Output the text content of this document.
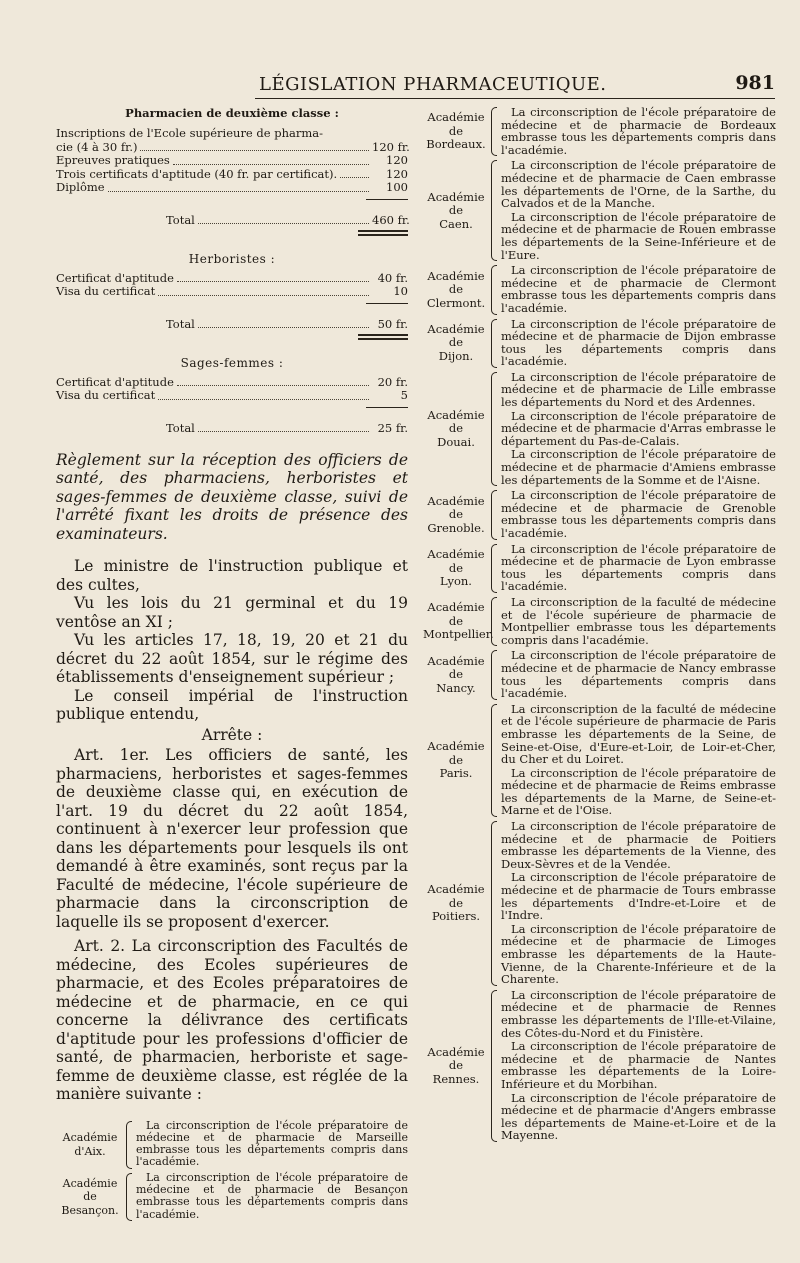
LÉGISLATION PHARMACEUTIQUE.	981
Pharmacien de deuxième classe :
Inscriptions de l'Ecole supérieure de pharma-
cie (4 à 30 fr.)	120 fr.
Epreuves pratiques	120
Trois certificats d'aptitude (40 fr. par certificat).	120
Diplôme	100
Total	460 fr.
Herboristes :
Certificat d'aptitude	40 fr.
Visa du certificat	10
Total	50 fr.
Sages-femmes :
Certificat d'aptitude	20 fr.
Visa du certificat	5
Total	25 fr.

Règlement sur la réception des officiers de santé, des pharmaciens, herboristes et sages-femmes de deuxième classe, suivi de l'arrêté fixant les droits de présence des examinateurs.

Le ministre de l'instruction publique et des cultes,

Vu les lois du 21 germinal et du 19 ventôse an XI ;

Vu les articles 17, 18, 19, 20 et 21 du décret du 22 août 1854, sur le régime des établissements d'enseignement supérieur ;

Le conseil impérial de l'instruction publique entendu,

Arrête :

Art. 1er. Les officiers de santé, les pharmaciens, herboristes et sages-femmes de deuxième classe qui, en exécution de l'art. 19 du décret du 22 août 1854, continuent à n'exercer leur profession que dans les départements pour lesquels ils ont demandé à être examinés, sont reçus par la Faculté de médecine, l'école supérieure de pharmacie dans la circonscription de laquelle ils se proposent d'exercer.

Art. 2. La circonscription des Facultés de médecine, des Ecoles supérieures de pharmacie, et des Ecoles préparatoires de médecine et de pharmacie, en ce qui concerne la délivrance des certificats d'aptitude pour les professions d'officier de santé, de pharmacien, herboriste et sage-femme de deuxième classe, est réglée de la manière suivante :

Académie
d'Aix.

La circonscription de l'école préparatoire de médecine et de pharmacie de Marseille embrasse tous les départements compris dans l'académie.

Académie
de
Besançon.

La circonscription de l'école préparatoire de médecine et de pharmacie de Besançon embrasse tous les départements compris dans l'académie.

Académie
de
Bordeaux.

La circonscription de l'école préparatoire de médecine et de pharmacie de Bordeaux embrasse tous les départements compris dans l'académie.

Académie
de
Caen.

La circonscription de l'école préparatoire de médecine et de pharmacie de Caen embrasse les départements de l'Orne, de la Sarthe, du Calvados et de la Manche.

La circonscription de l'école préparatoire de médecine et de pharmacie de Rouen embrasse les départements de la Seine-Inférieure et de l'Eure.

Académie
de
Clermont.

La circonscription de l'école préparatoire de médecine et de pharmacie de Clermont embrasse tous les départements compris dans l'académie.

Académie
de
Dijon.

La circonscription de l'école préparatoire de médecine et de pharmacie de Dijon embrasse tous les départements compris dans l'académie.

Académie
de
Douai.

La circonscription de l'école préparatoire de médecine et de pharmacie de Lille embrasse les départements du Nord et des Ardennes.

La circonscription de l'école préparatoire de médecine et de pharmacie d'Arras embrasse le département du Pas-de-Calais.

La circonscription de l'école préparatoire de médecine et de pharmacie d'Amiens embrasse les départements de la Somme et de l'Aisne.

Académie
de
Grenoble.

La circonscription de l'école préparatoire de médecine et de pharmacie de Grenoble embrasse tous les départements compris dans l'académie.

Académie
de
Lyon.

La circonscription de l'école préparatoire de médecine et de pharmacie de Lyon embrasse tous les départements compris dans l'académie.

Académie
de
Montpellier.

La circonscription de la faculté de médecine et de l'école supérieure de pharmacie de Montpellier embrasse tous les départements compris dans l'académie.

Académie
de
Nancy.

La circonscription de l'école préparatoire de médecine et de pharmacie de Nancy embrasse tous les départements compris dans l'académie.

Académie
de
Paris.

La circonscription de la faculté de médecine et de l'école supérieure de pharmacie de Paris embrasse les départements de la Seine, de Seine-et-Oise, d'Eure-et-Loir, de Loir-et-Cher, du Cher et du Loiret.

La circonscription de l'école préparatoire de médecine et de pharmacie de Reims embrasse les départements de la Marne, de Seine-et-Marne et de l'Oise.

Académie
de
Poitiers.

La circonscription de l'école préparatoire de médecine et de pharmacie de Poitiers embrasse les départements de la Vienne, des Deux-Sèvres et de la Vendée.

La circonscription de l'école préparatoire de médecine et de pharmacie de Tours embrasse les départements d'Indre-et-Loire et de l'Indre.

La circonscription de l'école préparatoire de médecine et de pharmacie de Limoges embrasse les départements de la Haute-Vienne, de la Charente-Inférieure et de la Charente.

Académie
de
Rennes.

La circonscription de l'école préparatoire de médecine et de pharmacie de Rennes embrasse les départements de l'Ille-et-Vilaine, des Côtes-du-Nord et du Finistère.

La circonscription de l'école préparatoire de médecine et de pharmacie de Nantes embrasse les départements de la Loire-Inférieure et du Morbihan.

La circonscription de l'école préparatoire de médecine et de pharmacie d'Angers embrasse les départements de Maine-et-Loire et de la Mayenne.
